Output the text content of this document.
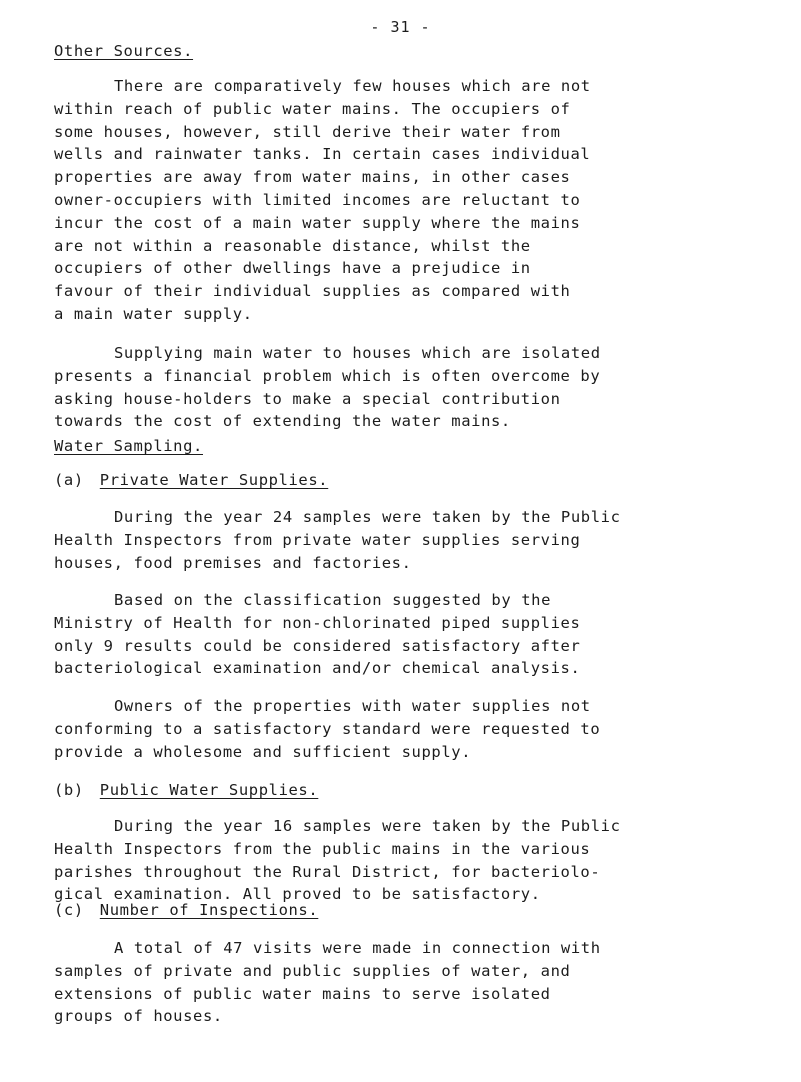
- 31 -
Other Sources.
There are comparatively few houses which are not
within reach of public water mains. The occupiers of
some houses, however, still derive their water from
wells and rainwater tanks. In certain cases individual
properties are away from water mains, in other cases
owner-occupiers with limited incomes are reluctant to
incur the cost of a main water supply where the mains
are not within a reasonable distance, whilst the
occupiers of other dwellings have a prejudice in
favour of their individual supplies as compared with
a main water supply.
Supplying main water to houses which are isolated
presents a financial problem which is often overcome by
asking house-holders to make a special contribution
towards the cost of extending the water mains.
Water Sampling.
(a) Private Water Supplies.
During the year 24 samples were taken by the Public
Health Inspectors from private water supplies serving
houses, food premises and factories.
Based on the classification suggested by the
Ministry of Health for non-chlorinated piped supplies
only 9 results could be considered satisfactory after
bacteriological examination and/or chemical analysis.
Owners of the properties with water supplies not
conforming to a satisfactory standard were requested to
provide a wholesome and sufficient supply.
(b) Public Water Supplies.
During the year 16 samples were taken by the Public
Health Inspectors from the public mains in the various
parishes throughout the Rural District, for bacteriolo-
gical examination. All proved to be satisfactory.
(c) Number of Inspections.
A total of 47 visits were made in connection with
samples of private and public supplies of water, and
extensions of public water mains to serve isolated
groups of houses.
